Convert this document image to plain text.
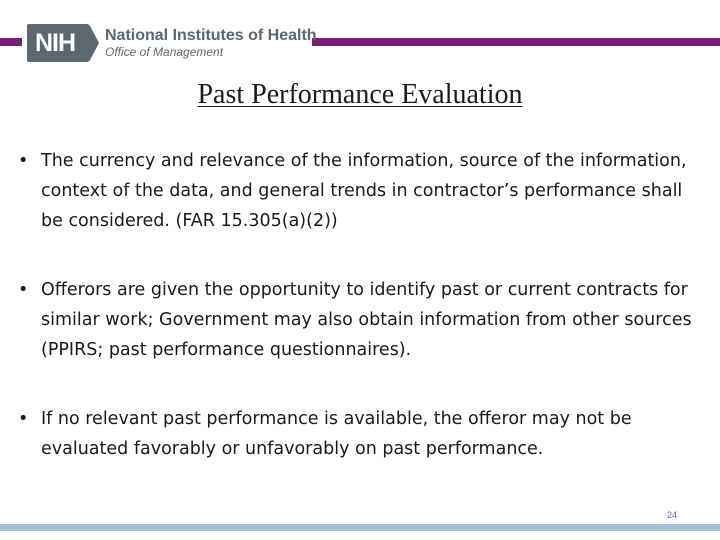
NIH National Institutes of Health
Office of Management
Past Performance Evaluation
• The currency and relevance of the information, source of the information, context of the data, and general trends in contractor’s performance shall be considered. (FAR 15.305(a)(2))
• Offerors are given the opportunity to identify past or current contracts for similar work; Government may also obtain information from other sources (PPIRS; past performance questionnaires).
• If no relevant past performance is available, the offeror may not be evaluated favorably or unfavorably on past performance.
24
